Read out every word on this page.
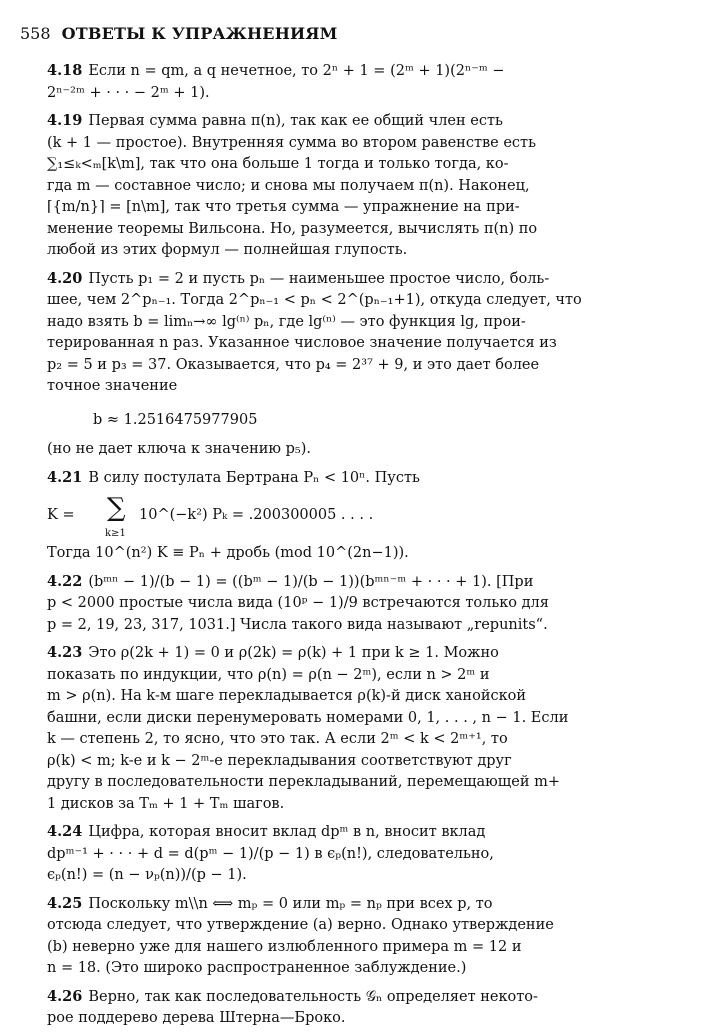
558 ОТВЕТЫ К УПРАЖНЕНИЯМ
4.18 Если n = qm, а q нечетное, то 2ⁿ + 1 = (2ᵐ + 1)(2ⁿ⁻ᵐ −
2ⁿ⁻²ᵐ + · · · − 2ᵐ + 1).
4.19 Первая сумма равна π(n), так как ее общий член есть
(k + 1 — простое). Внутренняя сумма во втором равенстве есть
∑₁≤ₖ<ₘ[k\m], так что она больше 1 тогда и только тогда, ко-
гда m — составное число; и снова мы получаем π(n). Наконец,
⌈{m/n}⌉ = [n\m], так что третья сумма — упражнение на при-
менение теоремы Вильсона. Но, разумеется, вычислять π(n) по
любой из этих формул — полнейшая глупость.
4.20 Пусть p₁ = 2 и пусть pₙ — наименьшее простое число, боль-
шее, чем 2^pₙ₋₁. Тогда 2^pₙ₋₁ < pₙ < 2^(pₙ₋₁+1), откуда следует, что
надо взять b = limₙ→∞ lg⁽ⁿ⁾ pₙ, где lg⁽ⁿ⁾ — это функция lg, прои-
терированная n раз. Указанное числовое значение получается из
p₂ = 5 и p₃ = 37. Оказывается, что p₄ = 2³⁷ + 9, и это дает более
точное значение
b ≈ 1.2516475977905
(но не дает ключа к значению p₅).
4.21 В силу постулата Бертрана Pₙ < 10ⁿ. Пусть
K = ∑
k≥1
10^(−k²) Pₖ = .200300005 . . . .
Тогда 10^(n²) K ≡ Pₙ + дробь (mod 10^(2n−1)).
4.22 (bᵐⁿ − 1)/(b − 1) = ((bᵐ − 1)/(b − 1))(bᵐⁿ⁻ᵐ + · · · + 1). [При
p < 2000 простые числа вида (10ᵖ − 1)/9 встречаются только для
p = 2, 19, 23, 317, 1031.] Числа такого вида называют „repunits“.
4.23 Это ρ(2k + 1) = 0 и ρ(2k) = ρ(k) + 1 при k ≥ 1. Можно
показать по индукции, что ρ(n) = ρ(n − 2ᵐ), если n > 2ᵐ и
m > ρ(n). На k-м шаге перекладывается ρ(k)-й диск ханойской
башни, если диски перенумеровать номерами 0, 1, . . . , n − 1. Если
k — степень 2, то ясно, что это так. А если 2ᵐ < k < 2ᵐ⁺¹, то
ρ(k) < m; k-е и k − 2ᵐ-е перекладывания соответствуют друг
другу в последовательности перекладываний, перемещающей m+
1 дисков за Tₘ + 1 + Tₘ шагов.
4.24 Цифра, которая вносит вклад dpᵐ в n, вносит вклад
dpᵐ⁻¹ + · · · + d = d(pᵐ − 1)/(p − 1) в ϵₚ(n!), следовательно,
ϵₚ(n!) = (n − νₚ(n))/(p − 1).
4.25 Поскольку m\\n ⟺ mₚ = 0 или mₚ = nₚ при всех p, то
отсюда следует, что утверждение (a) верно. Однако утверждение
(b) неверно уже для нашего излюбленного примера m = 12 и
n = 18. (Это широко распространенное заблуждение.)
4.26 Верно, так как последовательность 𝒢ₙ определяет некото-
рое поддерево дерева Штерна—Броко.
